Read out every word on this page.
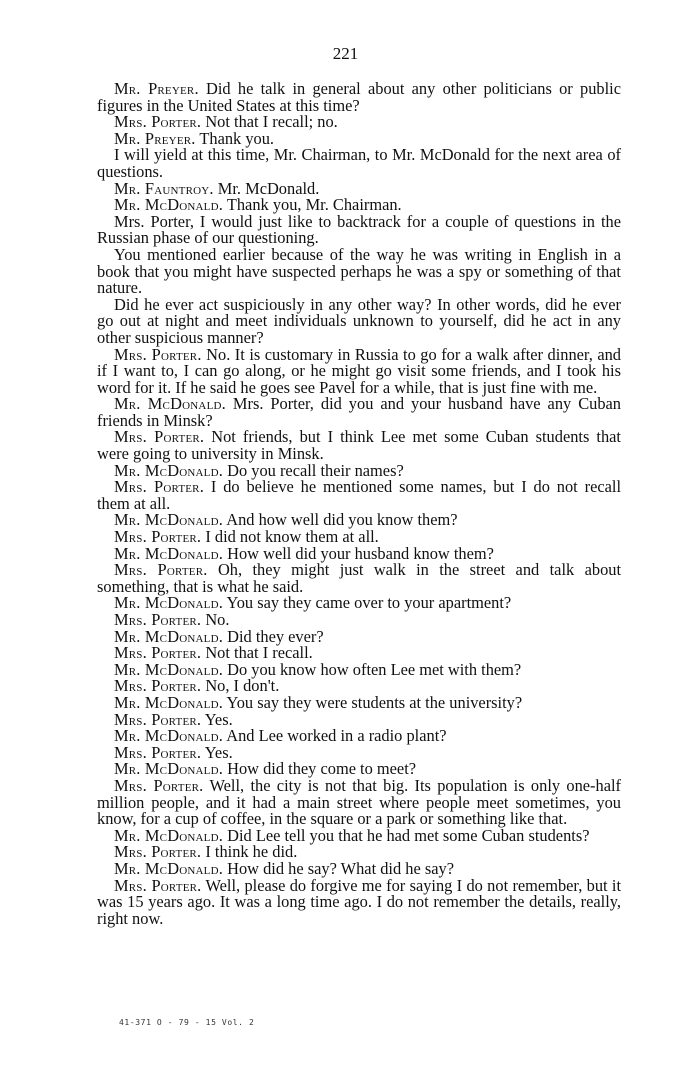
221

Mr. Preyer. Did he talk in general about any other politicians or public figures in the United States at this time?

Mrs. Porter. Not that I recall; no.

Mr. Preyer. Thank you.

I will yield at this time, Mr. Chairman, to Mr. McDonald for the next area of questions.

Mr. Fauntroy. Mr. McDonald.

Mr. McDonald. Thank you, Mr. Chairman.

Mrs. Porter, I would just like to backtrack for a couple of questions in the Russian phase of our questioning.

You mentioned earlier because of the way he was writing in English in a book that you might have suspected perhaps he was a spy or something of that nature.

Did he ever act suspiciously in any other way? In other words, did he ever go out at night and meet individuals unknown to yourself, did he act in any other suspicious manner?

Mrs. Porter. No. It is customary in Russia to go for a walk after dinner, and if I want to, I can go along, or he might go visit some friends, and I took his word for it. If he said he goes see Pavel for a while, that is just fine with me.

Mr. McDonald. Mrs. Porter, did you and your husband have any Cuban friends in Minsk?

Mrs. Porter. Not friends, but I think Lee met some Cuban students that were going to university in Minsk.

Mr. McDonald. Do you recall their names?

Mrs. Porter. I do believe he mentioned some names, but I do not recall them at all.

Mr. McDonald. And how well did you know them?

Mrs. Porter. I did not know them at all.

Mr. McDonald. How well did your husband know them?

Mrs. Porter. Oh, they might just walk in the street and talk about something, that is what he said.

Mr. McDonald. You say they came over to your apartment?

Mrs. Porter. No.

Mr. McDonald. Did they ever?

Mrs. Porter. Not that I recall.

Mr. McDonald. Do you know how often Lee met with them?

Mrs. Porter. No, I don't.

Mr. McDonald. You say they were students at the university?

Mrs. Porter. Yes.

Mr. McDonald. And Lee worked in a radio plant?

Mrs. Porter. Yes.

Mr. McDonald. How did they come to meet?

Mrs. Porter. Well, the city is not that big. Its population is only one-half million people, and it had a main street where people meet sometimes, you know, for a cup of coffee, in the square or a park or something like that.

Mr. McDonald. Did Lee tell you that he had met some Cuban students?

Mrs. Porter. I think he did.

Mr. McDonald. How did he say? What did he say?

Mrs. Porter. Well, please do forgive me for saying I do not remember, but it was 15 years ago. It was a long time ago. I do not remember the details, really, right now.

41-371 O - 79 - 15 Vol. 2
